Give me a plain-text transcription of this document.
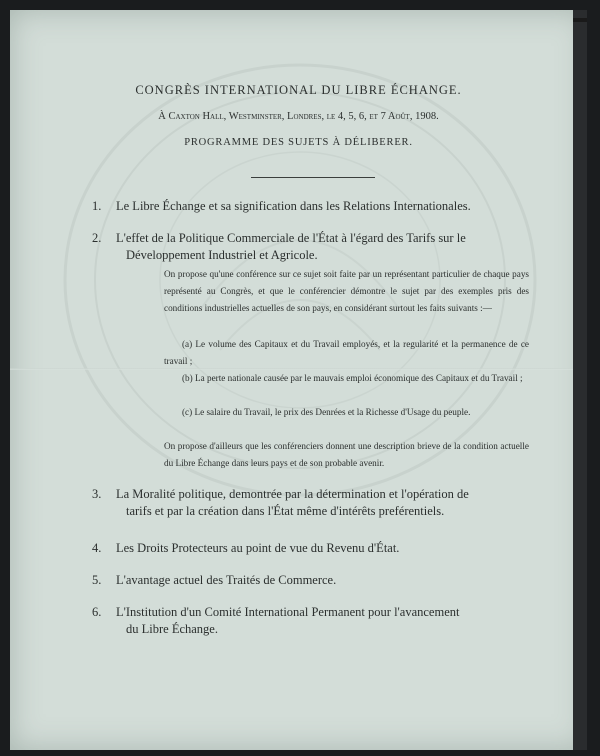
CONGRÈS INTERNATIONAL DU LIBRE ÉCHANGE.
À Caxton Hall, Westminster, Londres, le 4, 5, 6, et 7 Août, 1908.
PROGRAMME DES SUJETS À DÉLIBERER.
1.	Le Libre Échange et sa signification dans les Relations Internationales.
2.	L'effet de la Politique Commerciale de l'État à l'égard des Tarifs sur le
Développement Industriel et Agricole.
On propose qu'une conférence sur ce sujet soit faite par un représentant particulier de chaque pays représenté au Congrès, et que le conférencier démontre le sujet par des exemples pris des conditions industrielles actuelles de son pays, en considérant surtout les faits suivants :—
(a) Le volume des Capitaux et du Travail employés, et la regularité et la permanence de ce travail ;
(b) La perte nationale causée par le mauvais emploi économique des Capitaux et du Travail ;
(c) Le salaire du Travail, le prix des Denrées et la Richesse d'Usage du peuple.
On propose d'ailleurs que les conférenciers donnent une description brieve de la condition actuelle du Libre Échange dans leurs pays et de son probable avenir.
3.	La Moralité politique, demontrée par la détermination et l'opération de
tarifs et par la création dans l'État même d'intérêts preférentiels.
4.	Les Droits Protecteurs au point de vue du Revenu d'État.
5.	L'avantage actuel des Traités de Commerce.
6.	L'Institution d'un Comité International Permanent pour l'avancement
du Libre Échange.
